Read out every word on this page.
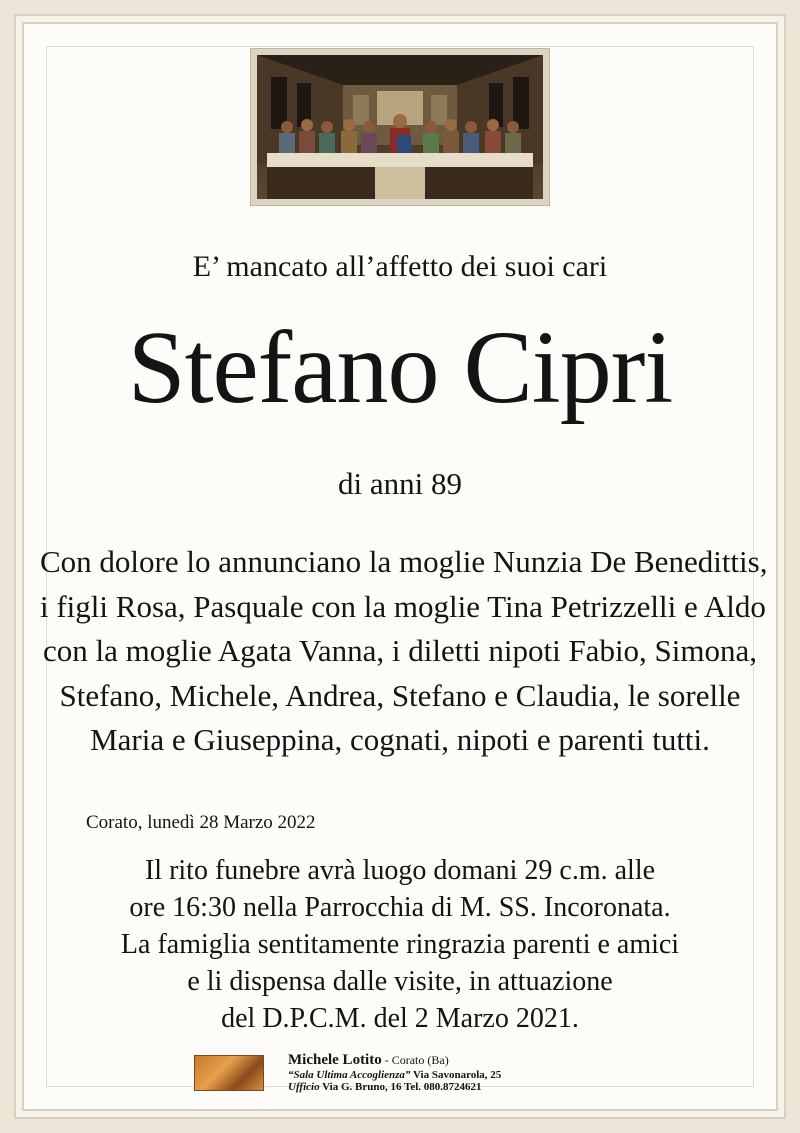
E’ mancato all’affetto dei suoi cari
Stefano Cipri
di anni 89
Con dolore lo annunciano la moglie Nunzia De Benedittis,
i figli Rosa, Pasquale con la moglie Tina Petrizzelli e Aldo
con la moglie Agata Vanna, i diletti nipoti Fabio, Simona,
Stefano, Michele, Andrea, Stefano e Claudia, le sorelle
Maria e Giuseppina, cognati, nipoti e parenti tutti.
Corato, lunedì 28 Marzo 2022
Il rito funebre avrà luogo domani 29 c.m. alle
ore 16:30 nella Parrocchia di M. SS. Incoronata.
La famiglia sentitamente ringrazia parenti e amici
e li dispensa dalle visite, in attuazione
del D.P.C.M. del 2 Marzo 2021.
Michele Lotito - Corato (Ba)
“Sala Ultima Accoglienza” Via Savonarola, 25
Ufficio Via G. Bruno, 16 Tel. 080.8724621
